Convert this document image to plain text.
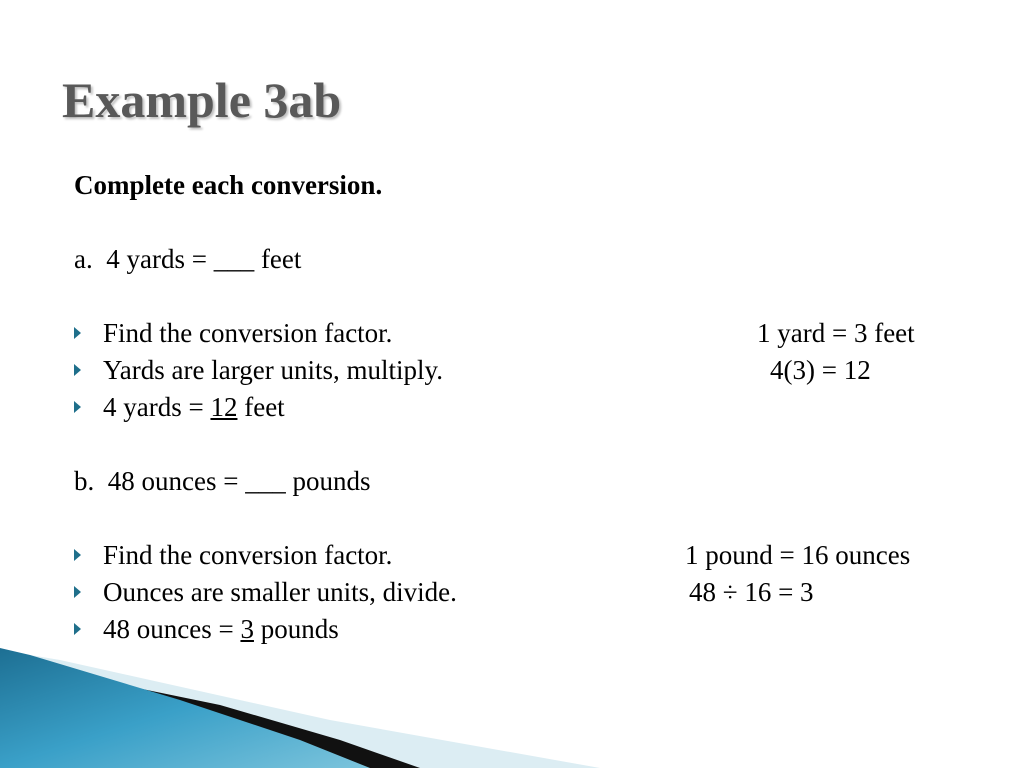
Example 3ab
Complete each conversion.
a.  4 yards = ___ feet

Find the conversion factor.

	1 yard = 3 feet

Yards are larger units, multiply.

	4(3) = 12

4 yards = 12 feet

b.  48 ounces = ___ pounds

Find the conversion factor.

	1 pound = 16 ounces

Ounces are smaller units, divide.

	48 ÷ 16 = 3

48 ounces = 3 pounds
